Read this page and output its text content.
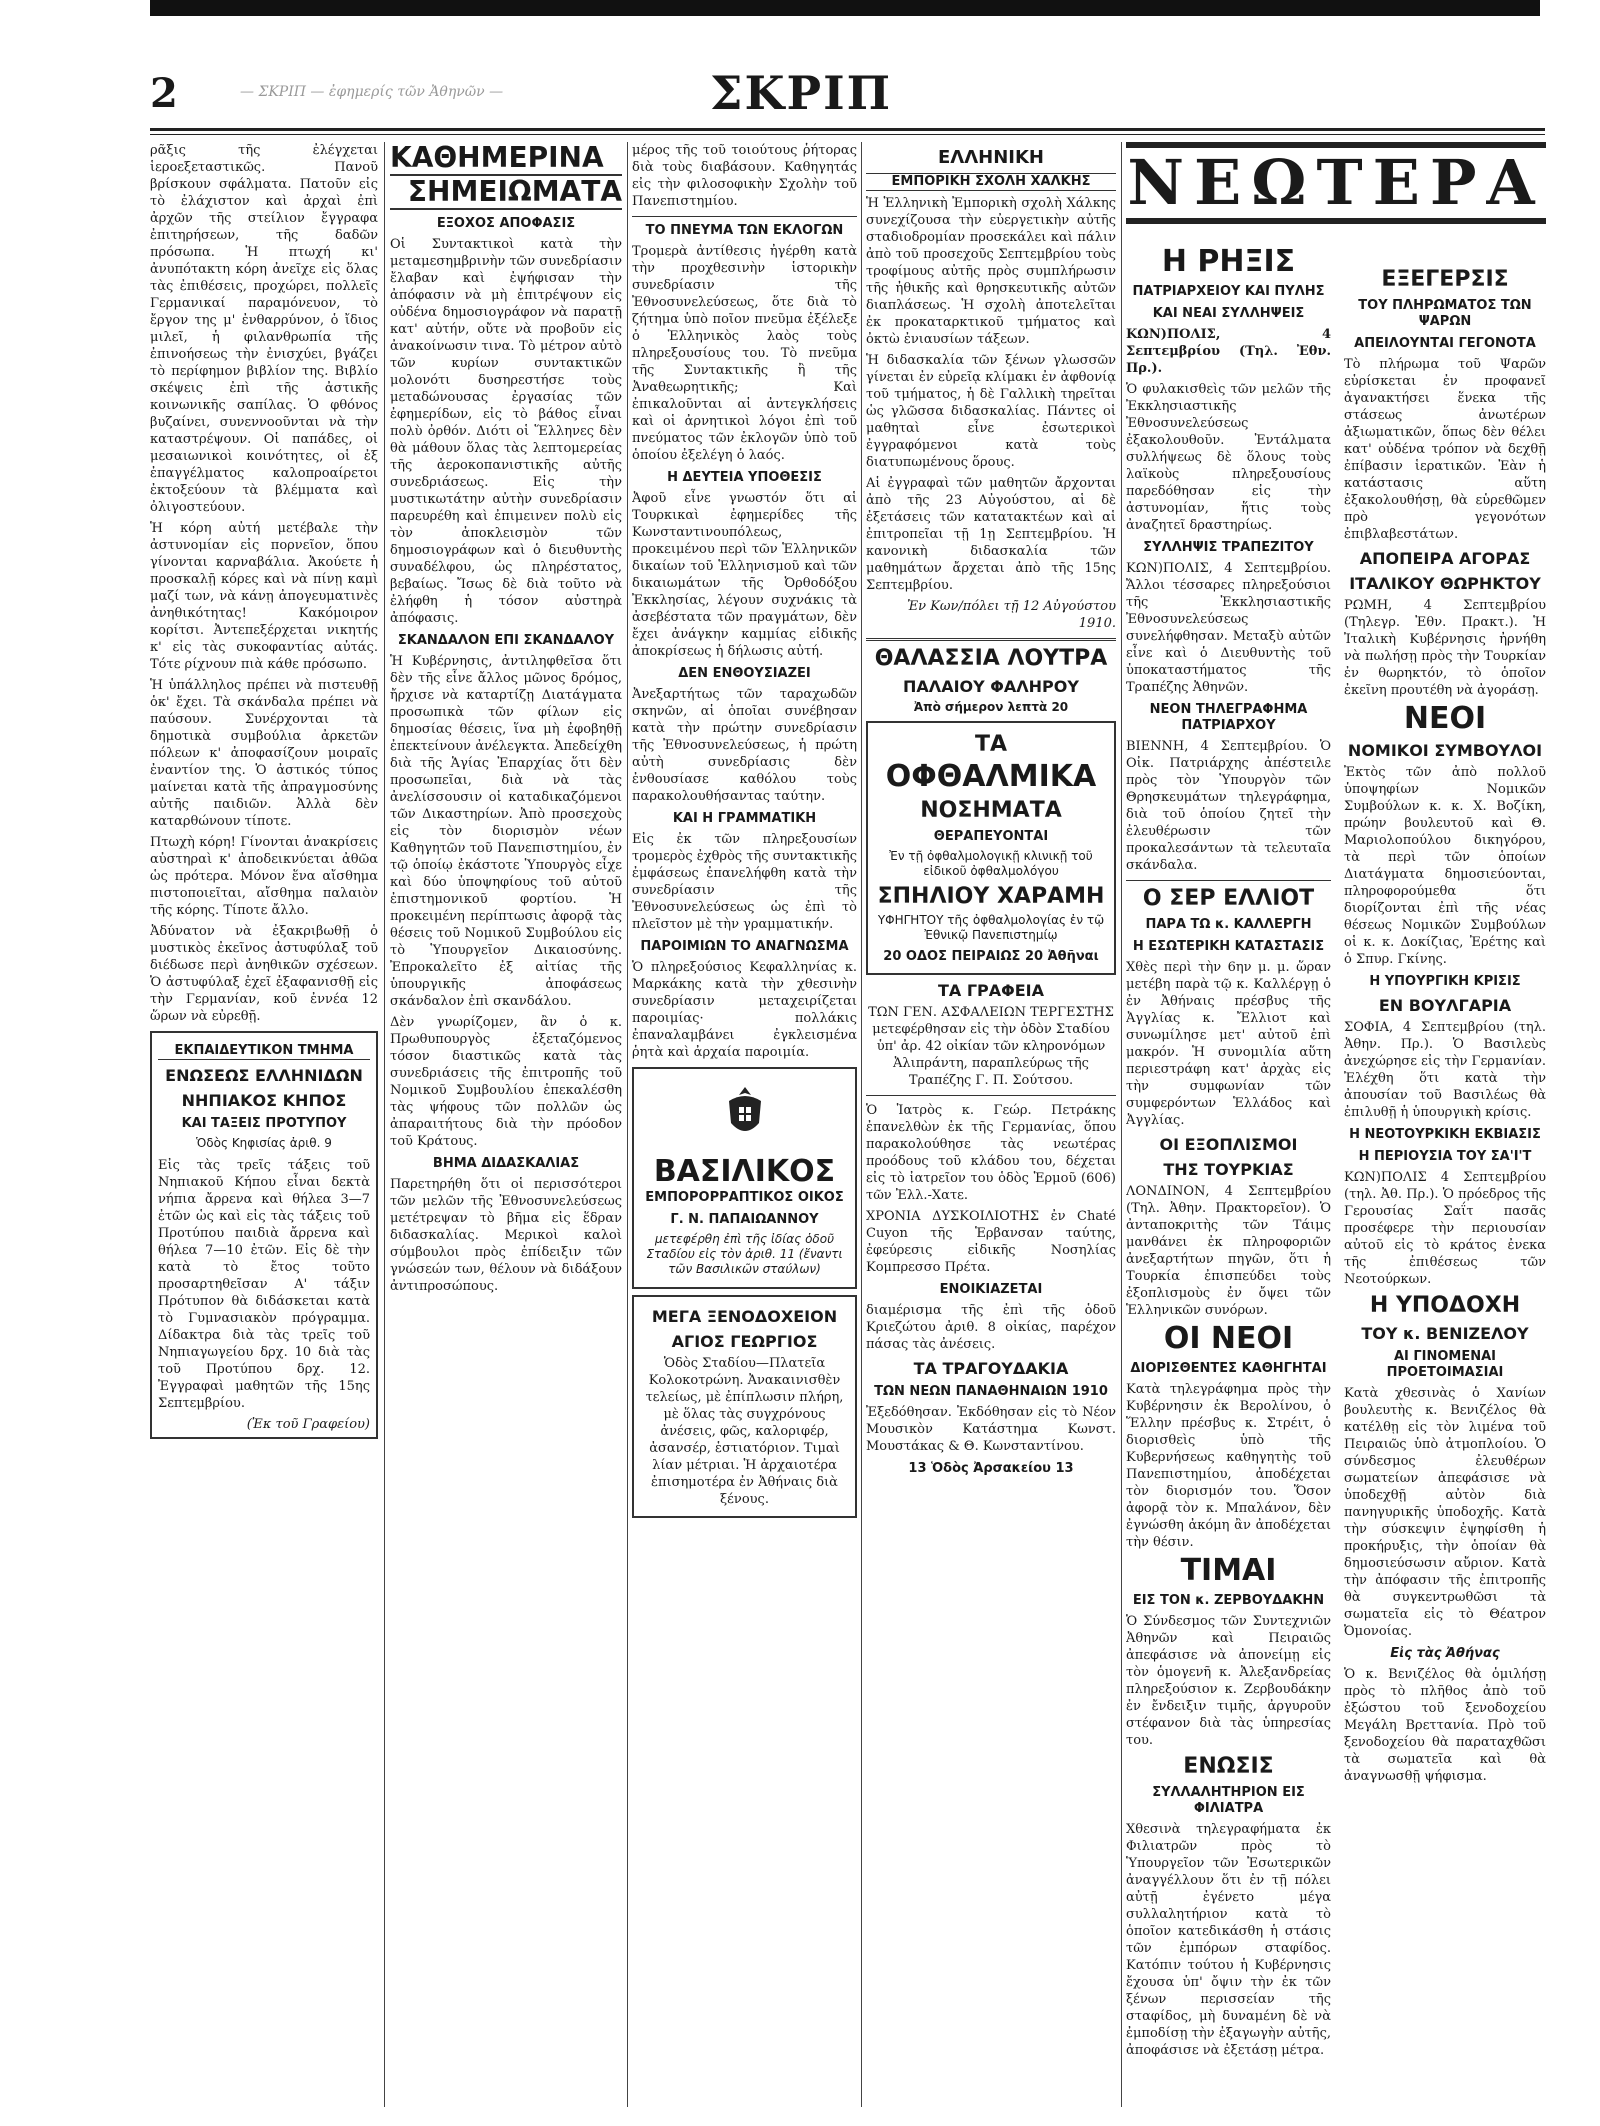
2	— ΣΚΡΙΠ — ἐφημερίς τῶν Ἀθηνῶν —	ΣΚΡΙΠ

ρᾶξις τῆς ἐλέγχεται ἱεροεξεταστικῶς. Πανοῦ βρίσκουν σφάλματα. Πατοῦν εἰς τὸ ἐλάχιστον καὶ ἀρχαὶ ἐπὶ ἀρχῶν τῆς στείλιον ἔγγραφα ἐπιτηρήσεων, τῆς δαδῶν πρόσωπα. Ἡ πτωχή κι' ἀνυπότακτη κόρη ἀνεῖχε εἰς ὅλας τὰς ἐπιθέσεις, προχώρει, πολλεῖς Γερμανικαί παραμόνευον, τὸ ἔργον της μ' ἐνθαρρύνον, ὁ ἴδιος μιλεῖ, ἡ φιλανθρωπία τῆς ἐπινοήσεως τὴν ἐνισχύει, βγάζει τὸ περίφημον βιβλίον της. Βιβλίο σκέψεις ἐπὶ τῆς ἀστικῆς κοινωνικῆς σαπίλας. Ὁ φθόνος βυζαίνει, συνεννοοῦνται νὰ τὴν καταστρέψουν. Οἱ παπάδες, οἱ μεσαιωνικοὶ κοινότητες, οἱ ἐξ ἐπαγγέλματος καλοπροαίρετοι ἐκτοξεύουν τὰ βλέμματα καὶ ὀλιγοστεύουν.

Ἡ κόρη αὐτή μετέβαλε τὴν ἀστυνομίαν εἰς πορνεῖον, ὅπου γίνονται καρναβάλια. Ἀκούετε ἡ προσκαλῇ κόρες καὶ νὰ πίνῃ καμὶ μαζί των, νὰ κάνῃ ἀπογευματινὲς ἀνηθικότητας! Κακόμοιρον κορίτσι. Ἀντεπεξέρχεται νικητής κ' εἰς τὰς συκοφαντίας αὐτάς. Τότε ρίχνουν πιὰ κάθε πρόσωπο.

Ἡ ὑπάλληλος πρέπει νὰ πιστευθῇ ὁκ' ἔχει. Τὰ σκάνδαλα πρέπει νὰ παύσουν. Συνέρχονται τὰ δημοτικὰ συμβούλια ἀρκετῶν πόλεων κ' ἀποφασίζουν μοιραῖς ἐναντίον της. Ὁ ἀστικός τύπος μαίνεται κατὰ τῆς ἀπραγμοσύνης αὐτῆς παιδιῶν. Ἀλλὰ δὲν καταρθώνουν τίποτε.

Πτωχὴ κόρη! Γίνονται ἀνακρίσεις αὐστηραὶ κ' ἀποδεικνύεται ἀθῶα ὡς πρότερα. Μόνον ἕνα αἴσθημα πιστοποιεῖται, αἴσθημα παλαιὸν τῆς κόρης. Τίποτε ἄλλο.

Ἀδύνατον νὰ ἐξακριβωθῇ ὁ μυστικὸς ἐκεῖνος ἀστυφύλαξ τοῦ διέδωσε περὶ ἀνηθικῶν σχέσεων. Ὁ ἀστυφύλαξ ἐχεῖ ἐξαφανισθῇ εἰς τὴν Γερμανίαν, κοῦ ἐννέα 12 ὥρων νὰ εὐρεθῇ.

ΕΚΠΑΙΔΕΥΤΙΚΟΝ ΤΜΗΜΑ
ΕΝΩΣΕΩΣ ΕΛΛΗΝΙΔΩΝ
ΝΗΠΙΑΚΟΣ ΚΗΠΟΣ
ΚΑΙ ΤΑΞΕΙΣ ΠΡΟΤΥΠΟΥ
Ὁδὸς Κηφισίας ἀριθ. 9

Εἰς τὰς τρεῖς τάξεις τοῦ Νηπιακοῦ Κήπου εἶναι δεκτὰ νήπια ἄρρενα καὶ θήλεα 3—7 ἐτῶν ὡς καὶ εἰς τὰς τάξεις τοῦ Προτύπου παιδιὰ ἄρρενα καὶ θήλεα 7—10 ἐτῶν. Εἰς δὲ τὴν κατὰ τὸ ἔτος τοῦτο προσαρτηθεῖσαν Α' τάξιν Πρότυπον θὰ διδάσκεται κατὰ τὸ Γυμνασιακὸν πρόγραμμα. Δίδακτρα διὰ τὰς τρεῖς τοῦ Νηπιαγωγείου δρχ. 10 διὰ τὰς τοῦ Προτύπου δρχ. 12. Ἐγγραφαὶ μαθητῶν τῆς 15ης Σεπτεμβρίου.

(Ἐκ τοῦ Γραφείου)
ΚΑΘΗΜΕΡΙΝΑ
ΣΗΜΕΙΩΜΑΤΑ
ΕΞΟΧΟΣ ΑΠΟΦΑΣΙΣ

Οἱ Συντακτικοὶ κατὰ τὴν μεταμεσημβρινὴν τῶν συνεδρίασιν ἔλαβαν καὶ ἐψήφισαν τὴν ἀπόφασιν νὰ μὴ ἐπιτρέψουν εἰς οὐδένα δημοσιογράφον νὰ παρατῇ κατ' αὐτήν, οὔτε νὰ προβοῦν εἰς ἀνακοίνωσιν τινα. Τὸ μέτρον αὐτὸ τῶν κυρίων συντακτικῶν μολονότι δυσηρεστήσε τοὺς μεταδώνουσας ἐργασίας τῶν ἐφημερίδων, εἰς τὸ βάθος εἶναι πολὺ ὀρθόν. Διότι οἱ Ἕλληνες δὲν θὰ μάθουν ὅλας τὰς λεπτομερείας τῆς ἀεροκοπανιστικῆς αὐτῆς συνεδριάσεως. Εἰς τὴν μυστικωτάτην αὐτὴν συνεδρίασιν παρευρέθη καὶ ἐπιμεινεν πολὺ εἰς τὸν ἀποκλεισμὸν τῶν δημοσιογράφων καὶ ὁ διευθυντὴς συναδέλφου, ὡς πληρέστατος, βεβαίως. Ἴσως δὲ διὰ τοῦτο νὰ ἐλήφθη ἡ τόσον αὐστηρὰ ἀπόφασις.

ΣΚΑΝΔΑΛΟΝ ΕΠΙ ΣΚΑΝΔΑΛΟΥ

Ἡ Κυβέρνησις, ἀντιληφθεῖσα ὅτι δὲν τῆς εἶνε ἄλλος μῶνος δρόμος, ἤρχισε νὰ καταρτίζῃ Διατάγματα προσωπικὰ τῶν φίλων εἰς δημοσίας θέσεις, ἵνα μὴ ἐφοβηθῇ ἐπεκτείνουν ἀνέλεγκτα. Ἀπεδείχθη διὰ τῆς Ἁγίας Ἐπαρχίας ὅτι δὲν προσωπεῖαι, διὰ νὰ τὰς ἀνελίσσουσιν οἱ καταδικαζόμενοι τῶν Δικαστηρίων. Ἀπὸ προσεχοὺς εἰς τὸν διορισμὸν νέων Καθηγητῶν τοῦ Πανεπιστημίου, ἐν τῷ ὁποίῳ ἐκάστοτε Ὑπουργὸς εἶχε καὶ δύο ὑποψηφίους τοῦ αὐτοῦ ἐπιστημονικοῦ φορτίου. Ἡ προκειμένη περίπτωσις ἀφορᾷ τὰς θέσεις τοῦ Νομικοῦ Συμβούλου εἰς τὸ Ὑπουργεῖον Δικαιοσύνης. Ἐπροκαλεῖτο ἐξ αἰτίας τῆς ὑπουργικῆς ἀποφάσεως σκάνδαλον ἐπὶ σκανδάλου.

Δὲν γνωρίζομεν, ἂν ὁ κ. Πρωθυπουργὸς ἐξεταζόμενος τόσον διαστικῶς κατὰ τὰς συνεδριάσεις τῆς ἐπιτροπῆς τοῦ Νομικοῦ Συμβουλίου ἐπεκαλέσθη τὰς ψήφους τῶν πολλῶν ὡς ἀπαραιτήτους διὰ τὴν πρόοδον τοῦ Κράτους.

ΒΗΜΑ ΔΙΔΑΣΚΑΛΙΑΣ

Παρετηρήθη ὅτι οἱ περισσότεροι τῶν μελῶν τῆς Ἐθνοσυνελεύσεως μετέτρεψαν τὸ βῆμα εἰς ἕδραν διδασκαλίας. Μερικοὶ καλοὶ σύμβουλοι πρὸς ἐπίδειξιν τῶν γνώσεών των, θέλουν νὰ διδάξουν ἀντιπροσώπους.

μέρος τῆς τοῦ τοιούτους ῥήτορας διὰ τοὺς διαβάσουν. Καθηγητάς εἰς τὴν φιλοσοφικὴν Σχολὴν τοῦ Πανεπιστημίου.

ΤΟ ΠΝΕΥΜΑ ΤΩΝ ΕΚΛΟΓΩΝ

Τρομερὰ ἀντίθεσις ἠγέρθη κατὰ τὴν προχθεσινὴν ἱστορικὴν συνεδρίασιν τῆς Ἐθνοσυνελεύσεως, ὅτε διὰ τὸ ζήτημα ὑπὸ ποῖον πνεῦμα ἐξέλεξε ὁ Ἑλληνικὸς λαὸς τοὺς πληρεξουσίους του. Τὸ πνεῦμα τῆς Συντακτικῆς ἢ τῆς Ἀναθεωρητικῆς; Καὶ ἐπικαλοῦνται αἱ ἀντεγκλήσεις καὶ οἱ ἀρνητικοὶ λόγοι ἐπὶ τοῦ πνεύματος τῶν ἐκλογῶν ὑπὸ τοῦ ὁποίου ἐξελέγη ὁ λαός.

Η ΔΕΥΤΕΙΑ ΥΠΟΘΕΣΙΣ

Ἀφοῦ εἶνε γνωστόν ὅτι αἱ Τουρκικαὶ ἐφημερίδες τῆς Κωνσταντινουπόλεως, προκειμένου περὶ τῶν Ἑλληνικῶν δικαίων τοῦ Ἑλληνισμοῦ καὶ τῶν δικαιωμάτων τῆς Ὀρθοδόξου Ἐκκλησίας, λέγουν συχνάκις τὰ ἀσεβέστατα τῶν πραγμάτων, δὲν ἔχει ἀνάγκην καμμίας εἰδικῆς ἀποκρίσεως ἡ δήλωσις αὐτή.

ΔΕΝ ΕΝΘΟΥΣΙΑΖΕΙ

Ἀνεξαρτήτως τῶν ταραχωδῶν σκηνῶν, αἱ ὁποῖαι συνέβησαν κατὰ τὴν πρώτην συνεδρίασιν τῆς Ἐθνοσυνελεύσεως, ἡ πρώτη αὐτὴ συνεδρίασις δὲν ἐνθουσίασε καθόλου τοὺς παρακολουθήσαντας ταύτην.

ΚΑΙ Η ΓΡΑΜΜΑΤΙΚΗ

Εἰς ἐκ τῶν πληρεξουσίων τρομερὸς ἐχθρὸς τῆς συντακτικῆς ἐμφάσεως ἐπανελήφθη κατὰ τὴν συνεδρίασιν τῆς Ἐθνοσυνελεύσεως ὡς ἐπὶ τὸ πλεῖστον μὲ τὴν γραμματικήν.

ΠΑΡΟΙΜΙΩΝ ΤΟ ΑΝΑΓΝΩΣΜΑ

Ὁ πληρεξούσιος Κεφαλληνίας κ. Μαρκάκης κατὰ τὴν χθεσινὴν συνεδρίασιν μεταχειρίζεται παροιμίας· πολλάκις ἐπαναλαμβάνει ἐγκλεισμένα ῥητὰ καὶ ἀρχαία παροιμία.

ΒΑΣΙΛΙΚΟΣ
ΕΜΠΟΡΟΡΡΑΠΤΙΚΟΣ ΟΙΚΟΣ
Γ. Ν. ΠΑΠΑΙΩΑΝΝΟΥ
μετεφέρθη ἐπὶ τῆς ἰδίας ὁδοῦ Σταδίου εἰς τὸν ἀριθ. 11 (ἔναντι τῶν Βασιλικῶν σταύλων)
ΜΕΓΑ ΞΕΝΟΔΟΧΕΙΟΝ
ΑΓΙΟΣ ΓΕΩΡΓΙΟΣ

Ὁδὸς Σταδίου—Πλατεῖα Κολοκοτρώνη. Ἀνακαινισθὲν τελείως, μὲ ἐπίπλωσιν πλήρη, μὲ ὅλας τὰς συγχρόνους ἀνέσεις, φῶς, καλοριφέρ, ἀσανσέρ, ἑστιατόριον. Τιμαὶ λίαν μέτριαι. Ἡ ἀρχαιοτέρα ἐπισημοτέρα ἐν Ἀθήναις διὰ ξένους.

ΕΛΛΗΝΙΚΗ
ΕΜΠΟΡΙΚΗ ΣΧΟΛΗ ΧΑΛΚΗΣ

Ἡ Ἑλληνικὴ Ἐμπορικὴ σχολὴ Χάλκης συνεχίζουσα τὴν εὐεργετικὴν αὐτῆς σταδιοδρομίαν προσεκάλει καὶ πάλιν ἀπὸ τοῦ προσεχοῦς Σεπτεμβρίου τοὺς τροφίμους αὐτῆς πρὸς συμπλήρωσιν τῆς ἠθικῆς καὶ θρησκευτικῆς αὐτῶν διαπλάσεως. Ἡ σχολὴ ἀποτελεῖται ἐκ προκαταρκτικοῦ τμήματος καὶ ὀκτὼ ἐνιαυσίων τάξεων.

Ἡ διδασκαλία τῶν ξένων γλωσσῶν γίνεται ἐν εὐρεῖᾳ κλίμακι ἐν ἀφθονίᾳ τοῦ τμήματος, ἡ δὲ Γαλλικὴ τηρεῖται ὡς γλῶσσα διδασκαλίας. Πάντες οἱ μαθηταὶ εἶνε ἐσωτερικοὶ ἐγγραφόμενοι κατὰ τοὺς διατυπωμένους ὅρους.

Αἱ ἐγγραφαὶ τῶν μαθητῶν ἄρχονται ἀπὸ τῆς 23 Αὐγούστου, αἱ δὲ ἐξετάσεις τῶν κατατακτέων καὶ αἱ ἐπιτροπεῖαι τῇ 1ῃ Σεπτεμβρίου. Ἡ κανονικὴ διδασκαλία τῶν μαθημάτων ἄρχεται ἀπὸ τῆς 15ης Σεπτεμβρίου.

Ἐν Κων/πόλει τῇ 12 Αὐγούστου 1910.
ΘΑΛΑΣΣΙΑ ΛΟΥΤΡΑ
ΠΑΛΑΙΟΥ ΦΑΛΗΡΟΥ
Ἀπὸ σήμερον λεπτὰ 20
ΤΑ
ΟΦΘΑΛΜΙΚΑ
ΝΟΣΗΜΑΤΑ
ΘΕΡΑΠΕΥΟΝΤΑΙ
Ἐν τῇ ὀφθαλμολογικῇ κλινικῇ τοῦ εἰδικοῦ ὀφθαλμολόγου
ΣΠΗΛΙΟΥ ΧΑΡΑΜΗ
ΥΦΗΓΗΤΟΥ τῆς ὀφθαλμολογίας ἐν τῷ Ἐθνικῷ Πανεπιστημίῳ
20 ΟΔΟΣ ΠΕΙΡΑΙΩΣ 20 Ἀθῆναι
ΤΑ ΓΡΑΦΕΙΑ

ΤΩΝ ΓΕΝ. ΑΣΦΑΛΕΙΩΝ ΤΕΡΓΕΣΤΗΣ μετεφέρθησαν εἰς τὴν ὁδὸν Σταδίου ὑπ' ἀρ. 42 οἰκίαν τῶν κληρονόμων Ἀλιπράντη, παραπλεύρως τῆς Τραπέζης Γ. Π. Σούτσου.

Ὁ Ἰατρὸς κ. Γεώρ. Πετράκης ἐπανελθὼν ἐκ τῆς Γερμανίας, ὅπου παρακολούθησε τὰς νεωτέρας προόδους τοῦ κλάδου του, δέχεται εἰς τὸ ἰατρεῖον του ὁδὸς Ἑρμοῦ (606) τῶν Ἐλλ.-Χατε.

ΧΡΟΝΙΑ ΔΥΣΚΟΙΛΙΟΤΗΣ ἐν Chaté Cuyon τῆς Ἑρβανσαν ταύτης, ἐφεύρεσις εἰδικῆς Νοσηλίας Κομπρεσσο Πρέτα.

ΕΝΟΙΚΙΑΖΕΤΑΙ

διαμέρισμα τῆς ἐπὶ τῆς ὁδοῦ Κριεζώτου ἀριθ. 8 οἰκίας, παρέχον πάσας τὰς ἀνέσεις.

ΤΑ ΤΡΑΓΟΥΔΑΚΙΑ
ΤΩΝ ΝΕΩΝ ΠΑΝΑΘΗΝΑΙΩΝ 1910

Ἐξεδόθησαν. Ἐκδόθησαν εἰς τὸ Νέον Μουσικὸν Κατάστημα Κωνστ. Μουστάκας & Θ. Κωνσταντίνου.

13 Ὁδὸς Ἀρσακείου 13
ΝΕΩΤΕΡΑ
Η ΡΗΞΙΣ
ΠΑΤΡΙΑΡΧΕΙΟΥ ΚΑΙ ΠΥΛΗΣ
ΚΑΙ ΝΕΑΙ ΣΥΛΛΗΨΕΙΣ

ΚΩΝ)ΠΟΛΙΣ, 4 Σεπτεμβρίου (Τηλ. Ἐθν. Πρ.).

Ὁ φυλακισθεὶς τῶν μελῶν τῆς Ἐκκλησιαστικῆς Ἐθνοσυνελεύσεως ἐξακολουθοῦν. Ἐντάλματα συλλήψεως δὲ ὅλους τοὺς λαϊκοὺς πληρεξουσίους παρεδόθησαν εἰς τὴν ἀστυνομίαν, ἥτις τοὺς ἀναζητεῖ δραστηρίως.

ΣΥΛΛΗΨΙΣ ΤΡΑΠΕΖΙΤΟΥ

ΚΩΝ)ΠΟΛΙΣ, 4 Σεπτεμβρίου. Ἄλλοι τέσσαρες πληρεξούσιοι τῆς Ἐκκλησιαστικῆς Ἐθνοσυνελεύσεως συνελήφθησαν. Μεταξὺ αὐτῶν εἶνε καὶ ὁ Διευθυντὴς τοῦ ὑποκαταστήματος τῆς Τραπέζης Ἀθηνῶν.

ΝΕΟΝ ΤΗΛΕΓΡΑΦΗΜΑ ΠΑΤΡΙΑΡΧΟΥ

ΒΙΕΝΝΗ, 4 Σεπτεμβρίου. Ὁ Οἰκ. Πατριάρχης ἀπέστειλε πρὸς τὸν Ὑπουργὸν τῶν Θρησκευμάτων τηλεγράφημα, διὰ τοῦ ὁποίου ζητεῖ τὴν ἐλευθέρωσιν τῶν προκαλεσάντων τὰ τελευταῖα σκάνδαλα.

Ο ΣΕΡ ΕΛΛΙΟΤ
ΠΑΡΑ ΤΩ κ. ΚΑΛΛΕΡΓΗ
Η ΕΣΩΤΕΡΙΚΗ ΚΑΤΑΣΤΑΣΙΣ

Χθὲς περὶ τὴν 6ην μ. μ. ὥραν μετέβη παρὰ τῷ κ. Καλλέργῃ ὁ ἐν Ἀθήναις πρέσβυς τῆς Ἀγγλίας κ. Ἔλλιοτ καὶ συνωμίλησε μετ' αὐτοῦ ἐπὶ μακρόν. Ἡ συνομιλία αὕτη περιεστράφη κατ' ἀρχὰς εἰς τὴν συμφωνίαν τῶν συμφερόντων Ἑλλάδος καὶ Ἀγγλίας.

ΟΙ ΕΞΟΠΛΙΣΜΟΙ
ΤΗΣ ΤΟΥΡΚΙΑΣ

ΛΟΝΔΙΝΟΝ, 4 Σεπτεμβρίου (Τηλ. Ἀθην. Πρακτορεῖον). Ὁ ἀνταποκριτὴς τῶν Τάιμς μανθάνει ἐκ πληροφοριῶν ἀνεξαρτήτων πηγῶν, ὅτι ἡ Τουρκία ἐπισπεύδει τοὺς ἐξοπλισμοὺς ἐν ὄψει τῶν Ἑλληνικῶν συνόρων.

ΟΙ ΝΕΟΙ
ΔΙΟΡΙΣΘΕΝΤΕΣ ΚΑΘΗΓΗΤΑΙ

Κατὰ τηλεγράφημα πρὸς τὴν Κυβέρνησιν ἐκ Βερολίνου, ὁ Ἕλλην πρέσβυς κ. Στρέιτ, ὁ διορισθεὶς ὑπὸ τῆς Κυβερνήσεως καθηγητὴς τοῦ Πανεπιστημίου, ἀποδέχεται τὸν διορισμόν του. Ὅσον ἀφορᾷ τὸν κ. Μπαλάνον, δὲν ἐγνώσθη ἀκόμη ἂν ἀποδέχεται τὴν θέσιν.

ΤΙΜΑΙ
ΕΙΣ ΤΟΝ κ. ΖΕΡΒΟΥΔΑΚΗΝ

Ὁ Σύνδεσμος τῶν Συντεχνιῶν Ἀθηνῶν καὶ Πειραιῶς ἀπεφάσισε νὰ ἀπονείμῃ εἰς τὸν ὁμογενῆ κ. Ἀλεξανδρείας πληρεξούσιον κ. Ζερβουδάκην ἐν ἔνδειξιν τιμῆς, ἀργυροῦν στέφανον διὰ τὰς ὑπηρεσίας του.

ΕΝΩΣΙΣ
ΣΥΛΛΑΛΗΤΗΡΙΟΝ ΕΙΣ ΦΙΛΙΑΤΡΑ

Χθεσινὰ τηλεγραφήματα ἐκ Φιλιατρῶν πρὸς τὸ Ὑπουργεῖον τῶν Ἐσωτερικῶν ἀναγγέλλουν ὅτι ἐν τῇ πόλει αὐτῇ ἐγένετο μέγα συλλαλητήριον κατὰ τὸ ὁποῖον κατεδικάσθη ἡ στάσις τῶν ἐμπόρων σταφίδος. Κατόπιν τούτου ἡ Κυβέρνησις ἔχουσα ὑπ' ὄψιν τὴν ἐκ τῶν ξένων περισσείαν τῆς σταφίδος, μὴ δυναμένη δὲ νὰ ἐμποδίσῃ τὴν ἐξαγωγὴν αὐτῆς, ἀποφάσισε νὰ ἐξετάσῃ μέτρα.

ΕΞΕΓΕΡΣΙΣ
ΤΟΥ ΠΛΗΡΩΜΑΤΟΣ ΤΩΝ ΨΑΡΩΝ
ΑΠΕΙΛΟΥΝΤΑΙ ΓΕΓΟΝΟΤΑ

Τὸ πλήρωμα τοῦ Ψαρῶν εὑρίσκεται ἐν προφανεῖ ἀγανακτήσει ἕνεκα τῆς στάσεως ἀνωτέρων ἀξιωματικῶν, ὅπως δὲν θέλει κατ' οὐδένα τρόπον νὰ δεχθῇ ἐπίβασιν ἱερατικῶν. Ἐὰν ἡ κατάστασις αὕτη ἐξακολουθήσῃ, θὰ εὑρεθῶμεν πρὸ γεγονότων ἐπιβλαβεστάτων.

ΑΠΟΠΕΙΡΑ ΑΓΟΡΑΣ
ΙΤΑΛΙΚΟΥ ΘΩΡΗΚΤΟΥ

ΡΩΜΗ, 4 Σεπτεμβρίου (Τηλεγρ. Ἐθν. Πρακτ.). Ἡ Ἰταλικὴ Κυβέρνησις ἠρνήθη νὰ πωλήσῃ πρὸς τὴν Τουρκίαν ἐν θωρηκτόν, τὸ ὁποῖον ἐκεῖνη προυτέθη νὰ ἀγοράσῃ.

ΝΕΟΙ
ΝΟΜΙΚΟΙ ΣΥΜΒΟΥΛΟΙ

Ἐκτὸς τῶν ἀπὸ πολλοῦ ὑποψηφίων Νομικῶν Συμβούλων κ. κ. Χ. Βοζίκη, πρώην βουλευτοῦ καὶ Θ. Μαριολοπούλου δικηγόρου, τὰ περὶ τῶν ὁποίων Διατάγματα δημοσιεύονται, πληροφορούμεθα ὅτι διορίζονται ἐπὶ τῆς νέας θέσεως Νομικῶν Συμβούλων οἱ κ. κ. Δοκίζιας, Ἐρέτης καὶ ὁ Σπυρ. Γκίνης.

Η ΥΠΟΥΡΓΙΚΗ ΚΡΙΣΙΣ
ΕΝ ΒΟΥΛΓΑΡΙΑ

ΣΟΦΙΑ, 4 Σεπτεμβρίου (τηλ. Ἀθην. Πρ.). Ὁ Βασιλεὺς ἀνεχώρησε εἰς τὴν Γερμανίαν. Ἐλέχθη ὅτι κατὰ τὴν ἀπουσίαν τοῦ Βασιλέως θὰ ἐπιλυθῇ ἡ ὑπουργικὴ κρίσις.

Η ΝΕΟΤΟΥΡΚΙΚΗ ΕΚΒΙΑΣΙΣ
Η ΠΕΡΙΟΥΣΙΑ ΤΟΥ ΣΑ'Ι'Τ

ΚΩΝ)ΠΟΛΙΣ 4 Σεπτεμβρίου (τηλ. Ἀθ. Πρ.). Ὁ πρόεδρος τῆς Γερουσίας Σαΐτ πασᾶς προσέφερε τὴν περιουσίαν αὐτοῦ εἰς τὸ κράτος ἐνεκα τῆς ἐπιθέσεως τῶν Νεοτούρκων.

Η ΥΠΟΔΟΧΗ
ΤΟΥ κ. ΒΕΝΙΖΕΛΟΥ
ΑΙ ΓΙΝΟΜΕΝΑΙ ΠΡΟΕΤΟΙΜΑΣΙΑΙ

Κατὰ χθεσινὰς ὁ Χανίων βουλευτὴς κ. Βενιζέλος θὰ κατέλθῃ εἰς τὸν λιμένα τοῦ Πειραιῶς ὑπὸ ἀτμοπλοίου. Ὁ σύνδεσμος ἐλευθέρων σωματείων ἀπεφάσισε νὰ ὑποδεχθῇ αὐτὸν διὰ πανηγυρικῆς ὑποδοχῆς. Κατὰ τὴν σύσκεψιν ἐψηφίσθη ἡ προκήρυξις, τὴν ὁποίαν θὰ δημοσιεύσωσιν αὔριον. Κατὰ τὴν ἀπόφασιν τῆς ἐπιτροπῆς θὰ συγκεντρωθῶσι τὰ σωματεῖα εἰς τὸ Θέατρον Ὀμονοίας.

Εἰς τὰς Ἀθήνας

Ὁ κ. Βενιζέλος θὰ ὁμιλήσῃ πρὸς τὸ πλῆθος ἀπὸ τοῦ ἐξώστου τοῦ ξενοδοχείου Μεγάλη Βρεττανία. Πρὸ τοῦ ξενοδοχείου θὰ παραταχθῶσι τὰ σωματεῖα καὶ θὰ ἀναγνωσθῇ ψήφισμα.
